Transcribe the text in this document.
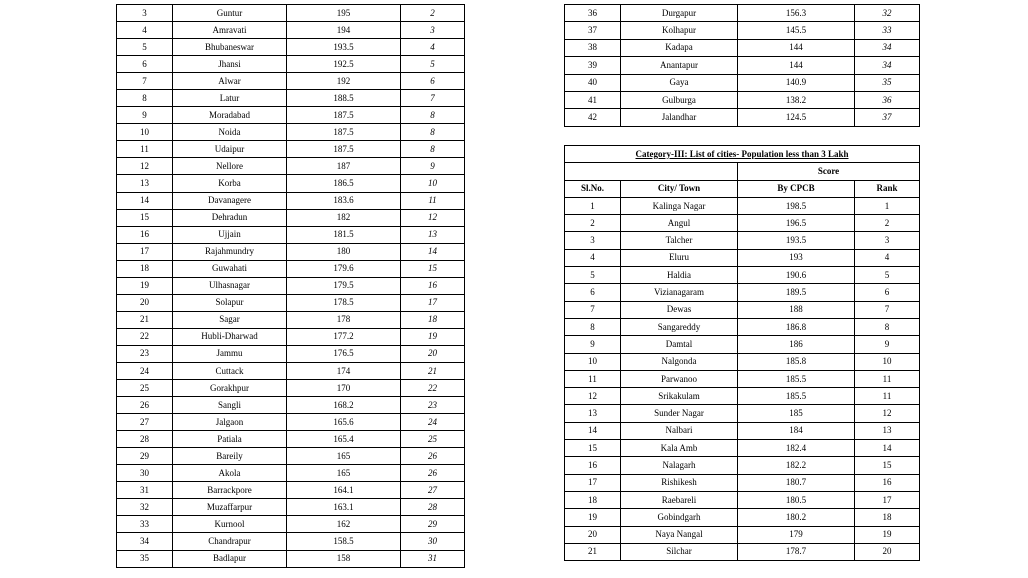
3	Guntur	195	2
4	Amravati	194	3
5	Bhubaneswar	193.5	4
6	Jhansi	192.5	5
7	Alwar	192	6
8	Latur	188.5	7
9	Moradabad	187.5	8
10	Noida	187.5	8
11	Udaipur	187.5	8
12	Nellore	187	9
13	Korba	186.5	10
14	Davanagere	183.6	11
15	Dehradun	182	12
16	Ujjain	181.5	13
17	Rajahmundry	180	14
18	Guwahati	179.6	15
19	Ulhasnagar	179.5	16
20	Solapur	178.5	17
21	Sagar	178	18
22	Hubli-Dharwad	177.2	19
23	Jammu	176.5	20
24	Cuttack	174	21
25	Gorakhpur	170	22
26	Sangli	168.2	23
27	Jalgaon	165.6	24
28	Patiala	165.4	25
29	Bareily	165	26
30	Akola	165	26
31	Barrackpore	164.1	27
32	Muzaffarpur	163.1	28
33	Kurnool	162	29
34	Chandrapur	158.5	30
35	Badlapur	158	31
36	Durgapur	156.3	32
37	Kolhapur	145.5	33
38	Kadapa	144	34
39	Anantapur	144	34
40	Gaya	140.9	35
41	Gulburga	138.2	36
42	Jalandhar	124.5	37
Category-III: List of cities- Population less than 3 Lakh			
		Score	
Sl.No.	City/ Town	By CPCB	Rank
1	Kalinga Nagar	198.5	1
2	Angul	196.5	2
3	Talcher	193.5	3
4	Eluru	193	4
5	Haldia	190.6	5
6	Vizianagaram	189.5	6
7	Dewas	188	7
8	Sangareddy	186.8	8
9	Damtal	186	9
10	Nalgonda	185.8	10
11	Parwanoo	185.5	11
12	Srikakulam	185.5	11
13	Sunder Nagar	185	12
14	Nalbari	184	13
15	Kala Amb	182.4	14
16	Nalagarh	182.2	15
17	Rishikesh	180.7	16
18	Raebareli	180.5	17
19	Gobindgarh	180.2	18
20	Naya Nangal	179	19
21	Silchar	178.7	20
